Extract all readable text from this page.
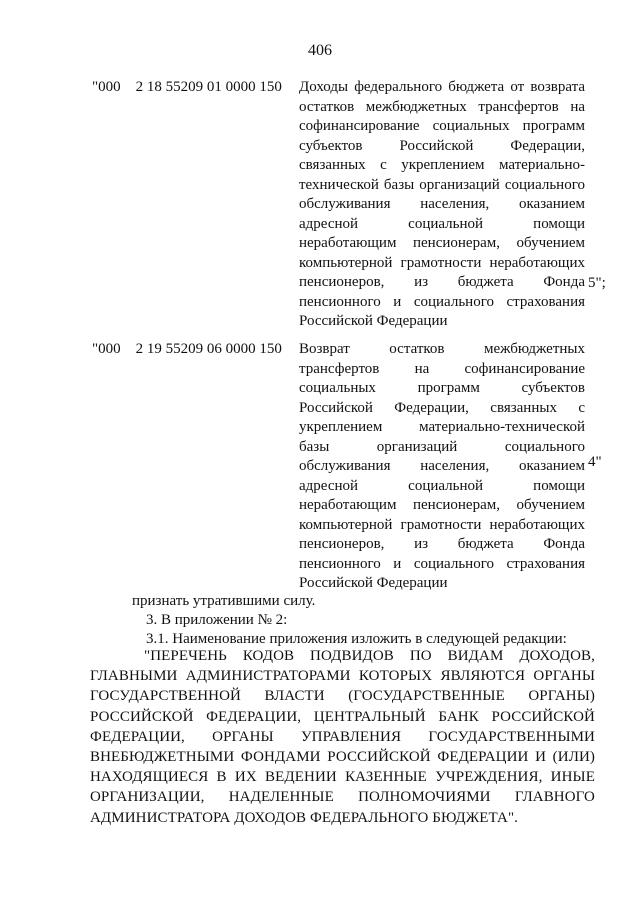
406
"000 2 18 55209 01 0000 150 Доходы федерального бюджета от возврата остатков межбюджетных трансфертов на софинансирование социальных программ субъектов Российской Федерации, связанных с укреплением материально-технической базы организаций социального обслуживания населения, оказанием адресной социальной помощи неработающим пенсионерам, обучением компьютерной грамотности неработающих пенсионеров, из бюджета Фонда пенсионного и социального страхования Российской Федерации
5";
"000 2 19 55209 06 0000 150 Возврат остатков межбюджетных трансфертов на софинансирование социальных программ субъектов Российской Федерации, связанных с укреплением материально-технической базы организаций социального обслуживания населения, оказанием адресной социальной помощи неработающим пенсионерам, обучением компьютерной грамотности неработающих пенсионеров, из бюджета Фонда пенсионного и социального страхования Российской Федерации
4"
признать утратившими силу.
3. В приложении № 2:
3.1. Наименование приложения изложить в следующей редакции:
"ПЕРЕЧЕНЬ КОДОВ ПОДВИДОВ ПО ВИДАМ ДОХОДОВ, ГЛАВНЫМИ АДМИНИСТРАТОРАМИ КОТОРЫХ ЯВЛЯЮТСЯ ОРГАНЫ ГОСУДАРСТВЕННОЙ ВЛАСТИ (ГОСУДАРСТВЕННЫЕ ОРГАНЫ) РОССИЙСКОЙ ФЕДЕРАЦИИ, ЦЕНТРАЛЬНЫЙ БАНК РОССИЙСКОЙ ФЕДЕРАЦИИ, ОРГАНЫ УПРАВЛЕНИЯ ГОСУДАРСТВЕННЫМИ ВНЕБЮДЖЕТНЫМИ ФОНДАМИ РОССИЙСКОЙ ФЕДЕРАЦИИ И (ИЛИ) НАХОДЯЩИЕСЯ В ИХ ВЕДЕНИИ КАЗЕННЫЕ УЧРЕЖДЕНИЯ, ИНЫЕ ОРГАНИЗАЦИИ, НАДЕЛЕННЫЕ ПОЛНОМОЧИЯМИ ГЛАВНОГО АДМИНИСТРАТОРА ДОХОДОВ ФЕДЕРАЛЬНОГО БЮДЖЕТА".
